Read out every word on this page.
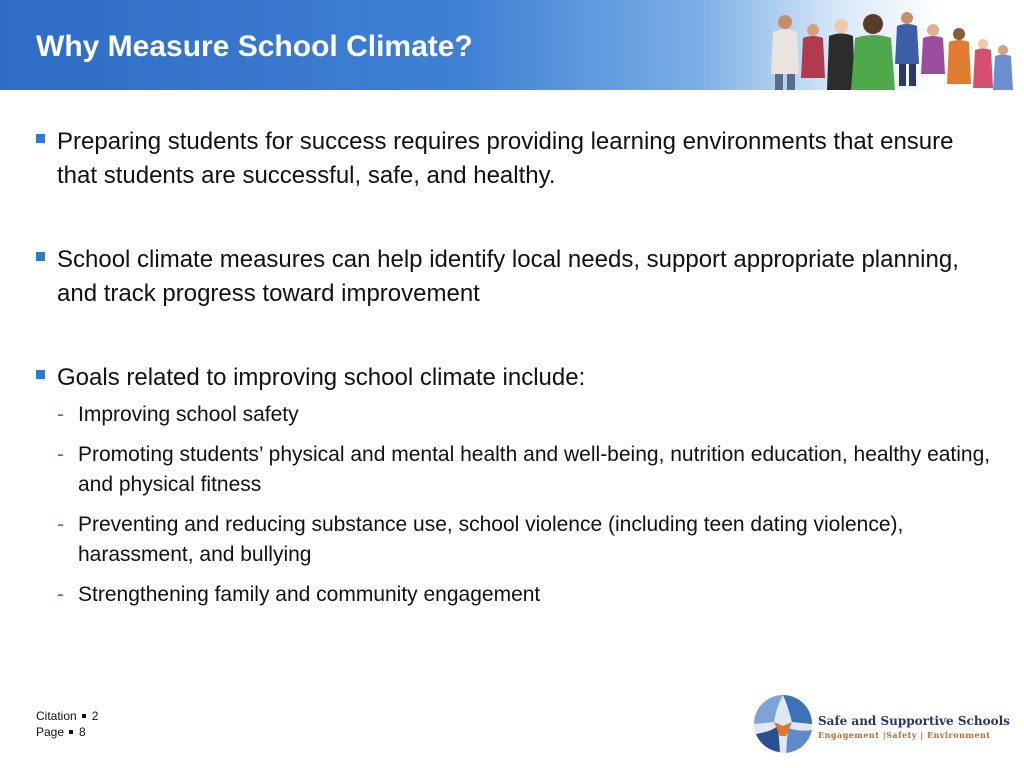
Why Measure School Climate?
Preparing students for success requires providing learning environments that ensure that students are successful, safe, and healthy.
School climate measures can help identify local needs, support appropriate planning, and track progress toward improvement
Goals related to improving school climate include:
- Improving school safety
- Promoting students’ physical and mental health and well-being, nutrition education, healthy eating, and physical fitness
- Preventing and reducing substance use, school violence (including teen dating violence), harassment, and bullying
- Strengthening family and community engagement
Citation 2
Page 8
Safe and Supportive Schools
Engagement |Safety | Environment
